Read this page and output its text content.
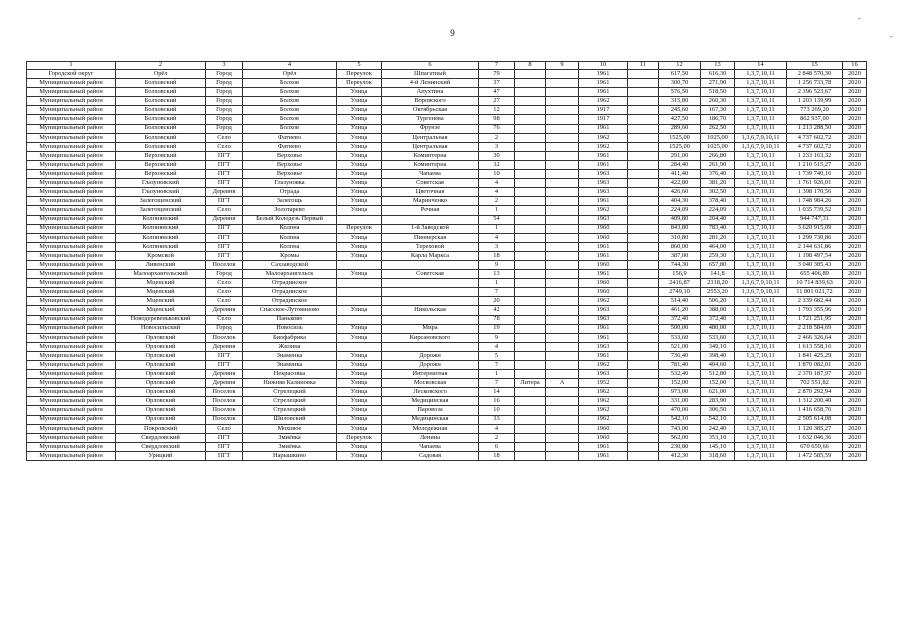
9
-
-
1	2	3	4	5	6	7	8	9	10	11	12	13	14	15	16
Городской округ	Орёл	Город	Орёл	Переулок	Шпагатный	79			1961		617,50	616,30	1,3,7,10,11	2 848 570,30	2020
Муниципальный район	Болховский	Город	Болхов	Переулок	4-й Ленинский	37			1961		300,70	271,90	1,3,7,10,11	1 256 733,78	2020
Муниципальный район	Болховский	Город	Болхов	Улица	Апухтина	47			1961		576,50	518,50	1,3,7,10,11	2 396 523,67	2020
Муниципальный район	Болховский	Город	Болхов	Улица	Воровского	27			1962		315,80	260,30	1,3,7,10,11	1 203 139,99	2020
Муниципальный район	Болховский	Город	Болхов	Улица	Октябрьская	12			1917		245,60	167,30	1,3,7,10,11	773 269,20	2020
Муниципальный район	Болховский	Город	Болхов	Улица	Тургенева	98			1917		427,50	186,70	1,3,7,10,11	862 937,00	2020
Муниципальный район	Болховский	Город	Болхов	Улица	Фрунзе	76			1961		289,60	262,50	1,3,7,10,11	1 213 288,50	2020
Муниципальный район	Болховский	Село	Фатнево	Улица	Центральная	2			1962		1525,00	1025,00	1,3,6,7,9,10,11	4 737 602,72	2020
Муниципальный район	Болховский	Село	Фатнево	Улица	Центральная	3			1962		1525,00	1025,00	1,3,6,7,9,10,11	4 737 602,72	2020
Муниципальный район	Верховский	ПГТ	Верховье	Улица	Коминтерна	30			1961		291,00	266,80	1,3,7,10,11	1 233 163,32	2020
Муниципальный район	Верховский	ПГТ	Верховье	Улица	Коминтерна	32			1961		284,40	261,90	1,3,7,10,11	1 210 515,27	2020
Муниципальный район	Верховский	ПГТ	Верховье	Улица	Чапаева	10			1963		411,40	376,40	1,3,7,10,11	1 739 740,16	2020
Муниципальный район	Глазуновский	ПГТ	Глазуновка	Улица	Советская	4			1963		422,80	381,20	1,3,7,10,11	1 761 926,01	2020
Муниципальный район	Глазуновский	Деревня	Отрада	Улица	Цветочная	4			1963		426,60	302,50	1,3,7,10,11	1 398 170,56	2020
Муниципальный район	Залегощенский	ПГТ	Залегощь	Улица	Маринченко	2			1961		404,30	378,40	1,3,7,10,11	1 748 984,26	2020
Муниципальный район	Залегощенский	Село	Золотарево	Улица	Речная	1			1962		224,09	224,09	1,3,7,10,11	1 035 739,52	2020
Муниципальный район	Колпнянский	Деревня	Белый Колодезь Первый			54			1963		409,80	204,40	1,3,7,10,11	944 747,31	2020
Муниципальный район	Колпнянский	ПГТ	Колпна	Переулок	1-й Заводской	1			1960		843,80	783,40	1,3,7,10,11	3 620 915,09	2020
Муниципальный район	Колпнянский	ПГТ	Колпна	Улица	Пионерская	4			1960		310,80	281,20	1,3,7,10,11	1 299 730,86	2020
Муниципальный район	Колпнянский	ПГТ	Колпна	Улица	Тереховой	3			1961		860,00	464,00	1,3,7,10,11	2 144 631,86	2020
Муниципальный район	Кромской	ПГТ	Кромы	Улица	Карла Маркса	18			1961		387,00	259,30	1,3,7,10,11	1 198 497,54	2020
Муниципальный район	Ливенский	Поселок	Сахзаводской			9			1960		744,30	657,80	1,3,7,10,11	3 040 385,43	2020
Муниципальный район	Малоархангельский	Город	Малоархангельск	Улица	Советская	13			1961		156,9	141,8	1,3,7,10,11	655 406,89	2020
Муниципальный район	Мценский	Село	Отрадинское			1			1960		2416,87	2318,20	1,3,6,7,9,10,11	10 714 839,63	2020
Муниципальный район	Мценский	Село	Отрадинское			7			1960		2749,10	2553,20	1,3,6,7,9,10,11	11 801 021,72	2020
Муниципальный район	Мценский	Село	Отрадинское			20			1962		514,40	506,20	1,3,7,10,11	2 339 682,44	2020
Муниципальный район	Мценский	Деревня	Спасское-Лутовиново	Улица	Никольская	42			1963		461,20	388,00	1,3,7,10,11	1 793 355,96	2020
Муниципальный район	Новодеревеньковский	Село	Паньково			78			1963		372,40	372,40	1,3,7,10,11	1 721 251,95	2020
Муниципальный район	Новосильский	Город	Новосиль	Улица	Мира	19			1961		500,00	480,00	1,3,7,10,11	2 218 584,69	2020
Муниципальный район	Орловский	Поселок	Биофабрика	Улица	Кирсановского	9			1961		533,60	533,60	1,3,7,10,11	2 466 326,64	2020
Муниципальный район	Орловский	Деревня	Жилина			4			1963		521,00	349,10	1,3,7,10,11	1 613 558,16	2020
Муниципальный район	Орловский	ПГТ	Знаменка	Улица	Дорожн	5			1961		736,40	398,40	1,3,7,10,11	1 841 425,29	2020
Муниципальный район	Орловский	ПГТ	Знаменка	Улица	Дорожн	7			1962		781,40	404,60	1,3,7,10,11	1 870 082,01	2020
Муниципальный район	Орловский	Деревня	Некрасовка	Улица	Интернатная	1			1963		532,40	512,80	1,3,7,10,11	2 370 187,97	2020
Муниципальный район	Орловский	Деревня	Нижняя Калиновка	Улица	Московская	7	Литера	А	1952		152,00	152,00	1,3,7,10,11	702 551,82	2020
Муниципальный район	Орловский	Поселок	Стрелецкий	Улица	Лесковского	14			1962		973,00	621,00	1,3,7,10,11	2 870 292,94	2020
Муниципальный район	Орловский	Поселок	Стрелецкий	Улица	Медицинская	16			1962		331,00	283,90	1,3,7,10,11	1 312 200,40	2020
Муниципальный район	Орловский	Поселок	Стрелецкий	Улица	Паровоза	10			1962		470,00	306,50	1,3,7,10,11	1 416 658,76	2020
Муниципальный район	Орловский	Поселок	Шиловский	Улица	Медицинская	33			1962		542,10	542,10	1,3,7,10,11	2 505 614,08	2020
Муниципальный район	Покровский	Село	Моховое	Улица	Молодежная	4			1960		743,00	242,40	1,3,7,10,11	1 120 385,27	2020
Муниципальный район	Свердловский	ПГТ	Змиёвка	Переулок	Ленина	2			1960		562,00	353,10	1,3,7,10,11	1 632 046,36	2020
Муниципальный район	Свердловский	ПГТ	Змиёвка	Улица	Чапаева	6			1961		230,80	145,10	1,3,7,10,11	670 659,66	2020
Муниципальный район	Урицкий	ПГТ	Нарышкино	Улица	Садовая	18			1961		412,30	318,60	1,3,7,10,11	1 472 585,59	2020
